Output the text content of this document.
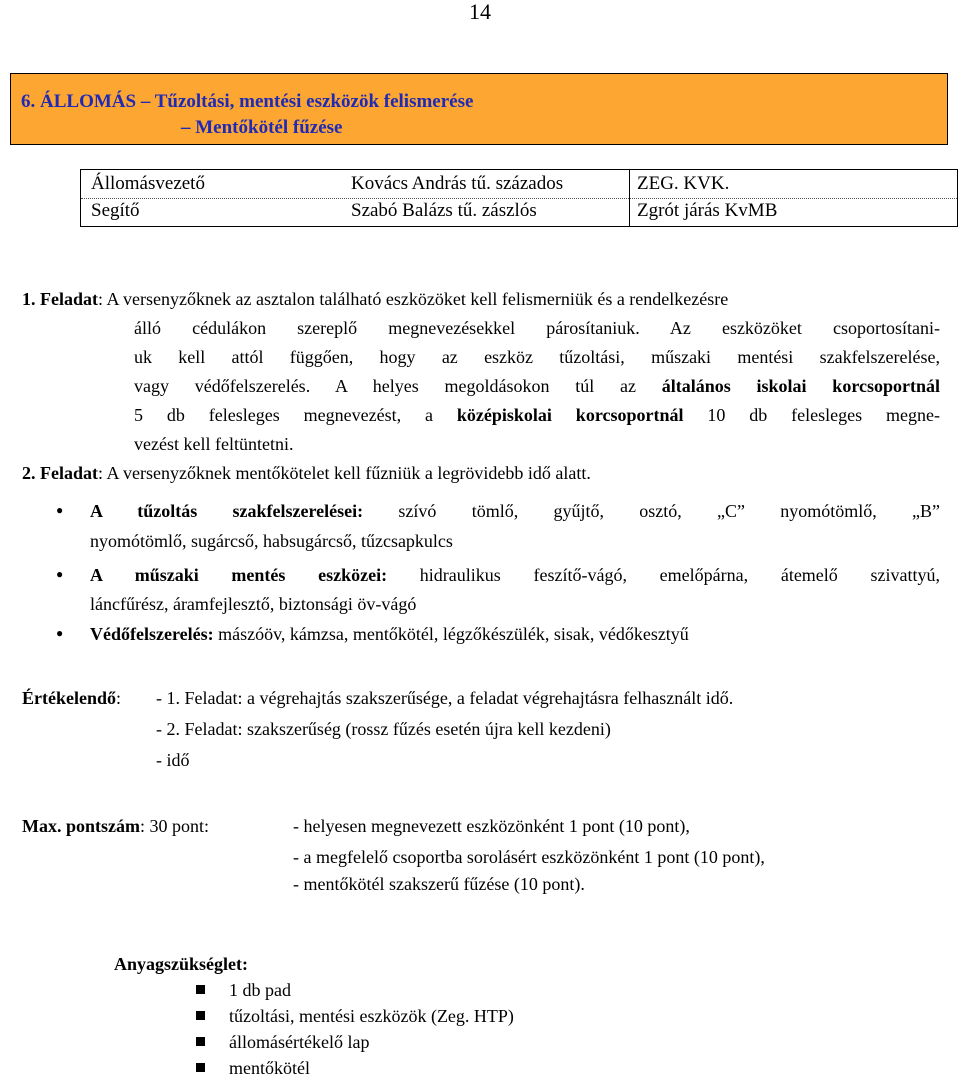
14
6. ÁLLOMÁS – Tűzoltási, mentési eszközök felismerése
– Mentőkötél fűzése
Állomásvezető	Kovács András tű. százados	ZEG. KVK.
Segítő	Szabó Balázs tű. zászlós	Zgrót járás KvMB
1. Feladat: A versenyzőknek az asztalon található eszközöket kell felismerniük és a rendelkezésre
álló cédulákon szereplő megnevezésekkel párosítaniuk. Az eszközöket csoportosítani-
uk kell attól függően, hogy az eszköz tűzoltási, műszaki mentési szakfelszerelése,
vagy védőfelszerelés. A helyes megoldásokon túl az általános iskolai korcsoportnál
5 db felesleges megnevezést, a középiskolai korcsoportnál 10 db felesleges megne-
vezést kell feltüntetni.
2. Feladat: A versenyzőknek mentőkötelet kell fűzniük a legrövidebb idő alatt.
● A tűzoltás szakfelszerelései: szívó tömlő, gyűjtő, osztó, „C” nyomótömlő, „B”
nyomótömlő, sugárcső, habsugárcső, tűzcsapkulcs
● A műszaki mentés eszközei: hidraulikus feszítő-vágó, emelőpárna, átemelő szivattyú,
láncfűrész, áramfejlesztő, biztonsági öv-vágó
● Védőfelszerelés: mászóöv, kámzsa, mentőkötél, légzőkészülék, sisak, védőkesztyű
Értékelendő: - 1. Feladat: a végrehajtás szakszerűsége, a feladat végrehajtásra felhasznált idő.
- 2. Feladat: szakszerűség (rossz fűzés esetén újra kell kezdeni)
- idő
Max. pontszám: 30 pont:	- helyesen megnevezett eszközönként 1 pont (10 pont),
- a megfelelő csoportba sorolásért eszközönként 1 pont (10 pont),
- mentőkötél szakszerű fűzése (10 pont).
Anyagszükséglet:
1 db pad
tűzoltási, mentési eszközök (Zeg. HTP)
állomásértékelő lap
mentőkötél
